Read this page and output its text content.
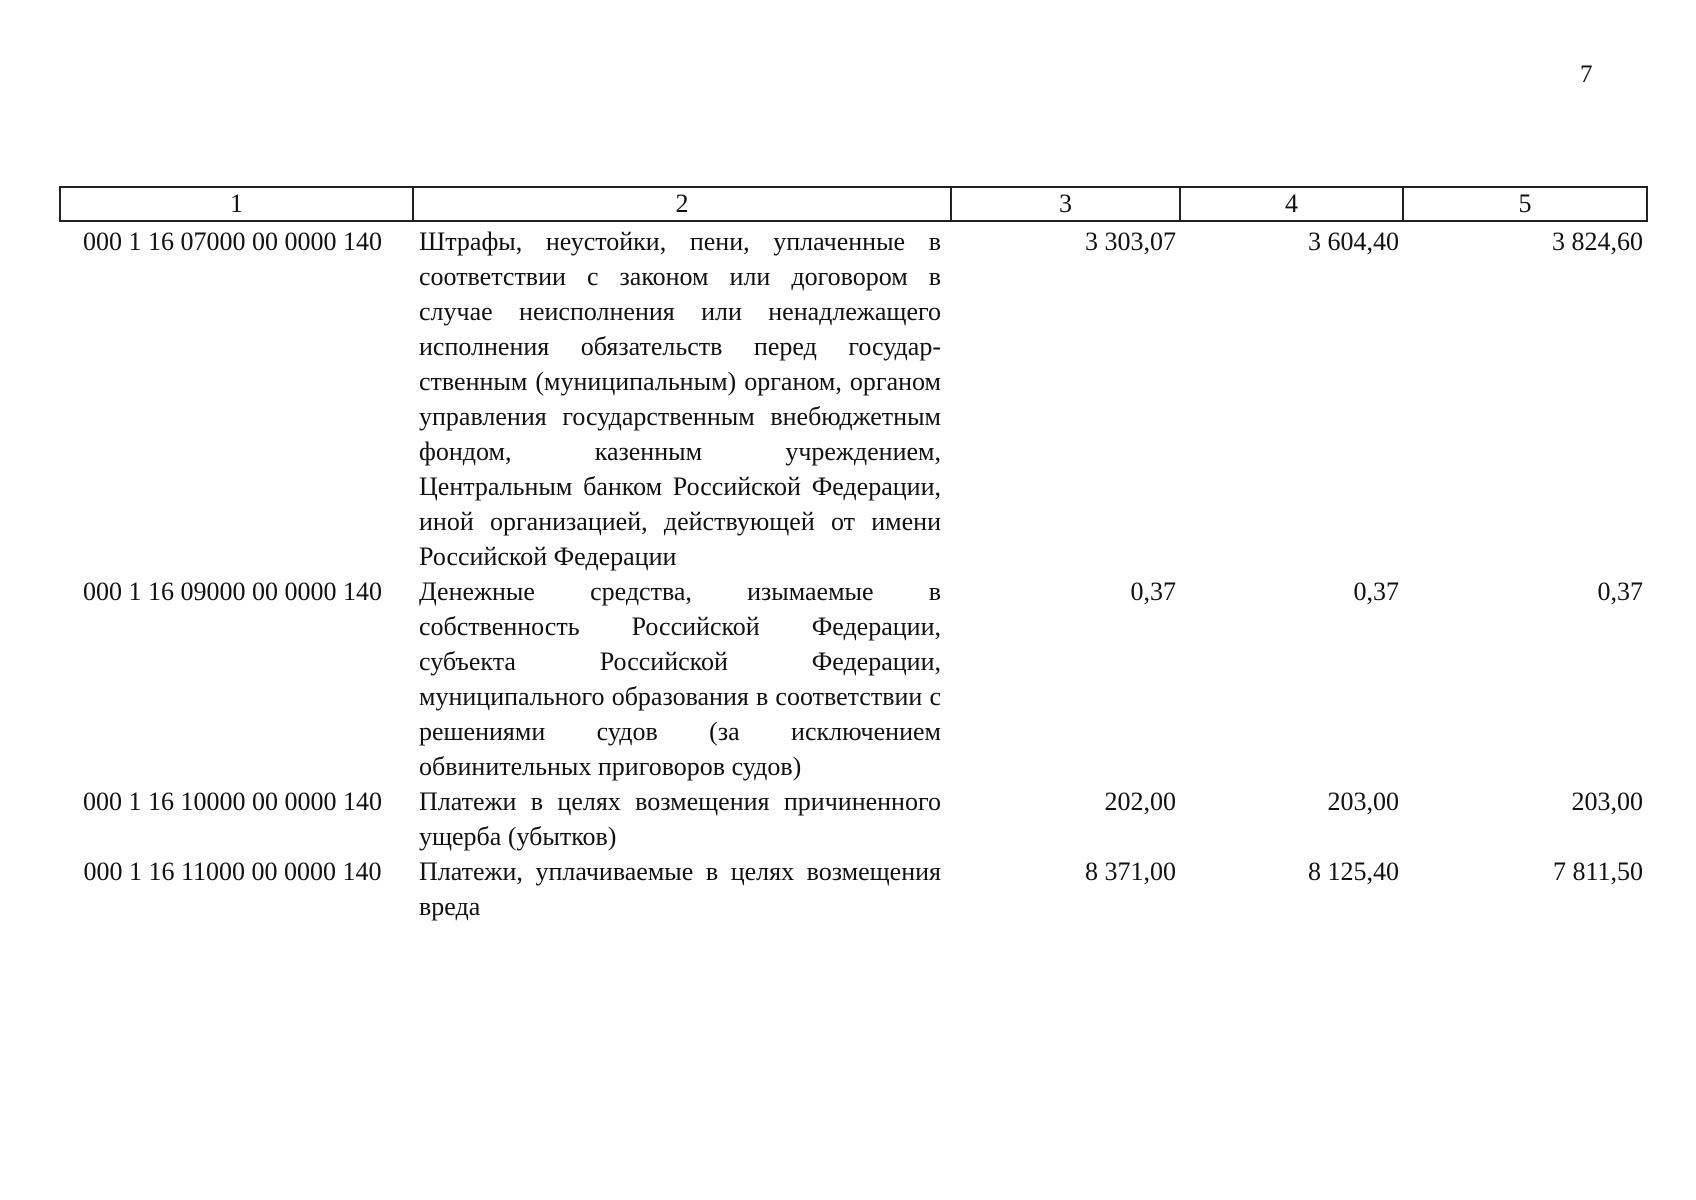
7
1	2	3	4	5
000 1 16 07000 00 0000 140	Штрафы, неустойки, пени, уплаченные в соответствии с законом или договором в случае неисполнения или ненадлежащего исполнения обязательств перед государ-ственным (муниципальным) органом, органом управления государственным внебюджетным фондом, казенным учреждением, Центральным банком Российской Федерации, иной организацией, действующей от имени Российской Федерации	3 303,07	3 604,40	3 824,60
000 1 16 09000 00 0000 140	Денежные средства, изымаемые в собственность Российской Федерации, субъекта Российской Федерации, муниципального образования в соответствии с решениями судов (за исключением обвинительных приговоров судов)	0,37	0,37	0,37
000 1 16 10000 00 0000 140	Платежи в целях возмещения причиненного ущерба (убытков)	202,00	203,00	203,00
000 1 16 11000 00 0000 140	Платежи, уплачиваемые в целях возмещения вреда	8 371,00	8 125,40	7 811,50
